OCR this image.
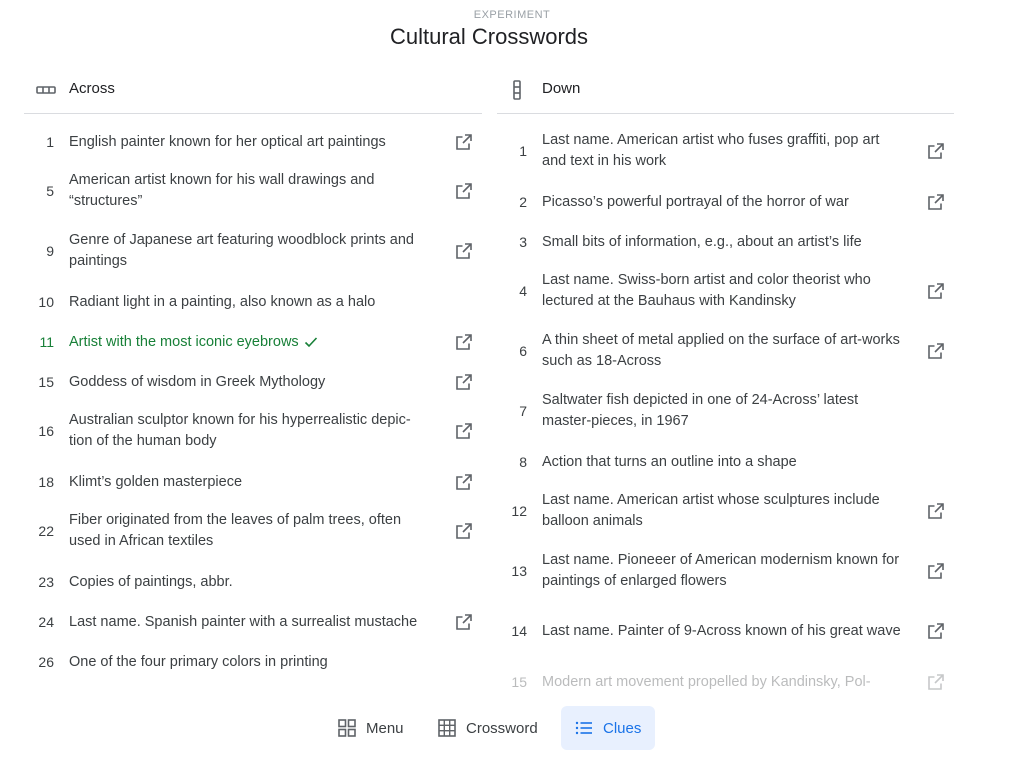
EXPERIMENT
Cultural Crosswords
Across
1 English painter known for her optical art paintings
5
American artist known for his wall drawings and “structures”
9
Genre of Japanese art featuring woodblock prints and paintings
10 Radiant light in a painting, also known as a halo
11 Artist with the most iconic eyebrows
15 Goddess of wisdom in Greek Mythology
16
Australian sculptor known for his hyperrealistic depic-tion of the human body
18 Klimt’s golden masterpiece
22
Fiber originated from the leaves of palm trees, often used in African textiles
23 Copies of paintings, abbr.
24 Last name. Spanish painter with a surrealist mustache
26 One of the four primary colors in printing
Down
1
Last name. American artist who fuses graffiti, pop art and text in his work
2 Picasso’s powerful portrayal of the horror of war
3 Small bits of information, e.g., about an artist’s life
4
Last name. Swiss-born artist and color theorist who lectured at the Bauhaus with Kandinsky
6
A thin sheet of metal applied on the surface of art-works such as 18-Across
7
Saltwater fish depicted in one of 24-Across’ latest master-pieces, in 1967
8 Action that turns an outline into a shape
12
Last name. American artist whose sculptures include balloon animals
13
Last name. Pioneeer of American modernism known for paintings of enlarged flowers
14 Last name. Painter of 9-Across known of his great wave
15 Modern art movement propelled by Kandinsky, Pol-
Menu	Crossword	Clues
